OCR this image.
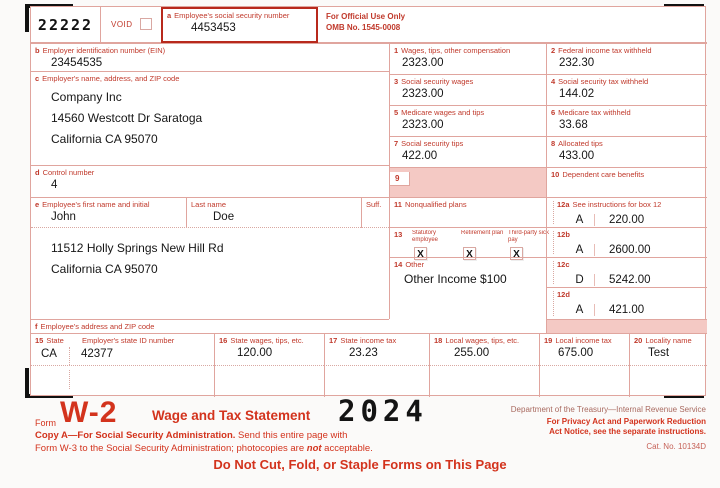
22222	VOID
a Employee's social security number
4453453
For Official Use Only
OMB No. 1545-0008
b Employer identification number (EIN)
23454535
c Employer's name, address, and ZIP code
Company Inc
14560 Westcott Dr Saratoga
California CA 95070
d Control number
4
e Employee's first name and initial
John
Last name
Doe
Suff.
11512 Holly Springs New Hill Rd
California CA 95070
f Employee's address and ZIP code
1 Wages, tips, other compensation
2323.00
3 Social security wages
2323.00
5 Medicare wages and tips
2323.00
7 Social security tips
422.00
9
11 Nonqualified plans
13	Statutory employee
X
Retirement plan
X
Third-party sick pay
X
14 Other
Other Income $100
2 Federal income tax withheld
232.30
4 Social security tax withheld
144.02
6 Medicare tax withheld
33.68
8 Allocated tips
433.00
10 Dependent care benefits
12a See instructions for box 12
A 220.00
12b
A 2600.00
12c
D 5242.00
12d
A 421.00
15 State Employer's state ID number
CA 42377
16 State wages, tips, etc.
120.00
17 State income tax
23.23
18 Local wages, tips, etc.
255.00
19 Local income tax
675.00
20 Locality name
Test
Form W-2	Wage and Tax Statement 2024	Department of the Treasury—Internal Revenue Service
For Privacy Act and Paperwork Reduction
Act Notice, see the separate instructions.
Cat. No. 10134D
Copy A—For Social Security Administration. Send this entire page with
Form W-3 to the Social Security Administration; photocopies are not acceptable.
Do Not Cut, Fold, or Staple Forms on This Page
